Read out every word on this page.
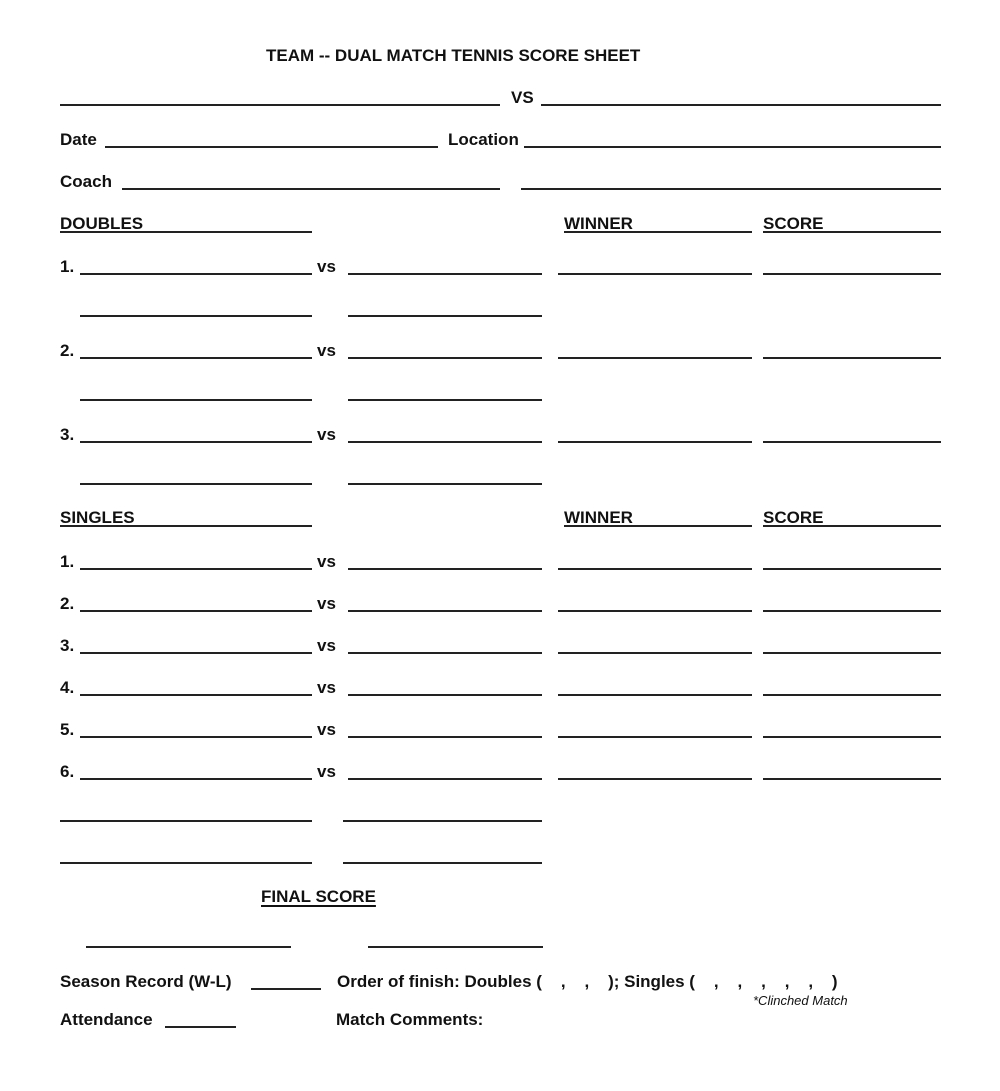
TEAM -- DUAL MATCH TENNIS SCORE SHEET
VS
Date	Location
Coach
DOUBLES	WINNER	SCORE
1.	vs
2.	vs
3.	vs
SINGLES	WINNER	SCORE
1.	vs
2.	vs
3.	vs
4.	vs
5.	vs
6.	vs
FINAL SCORE
Season Record (W-L)	Order of finish: Doubles (    ,    ,    ); Singles (    ,    ,    ,    ,    ,    )
*Clinched Match
Attendance	Match Comments:
